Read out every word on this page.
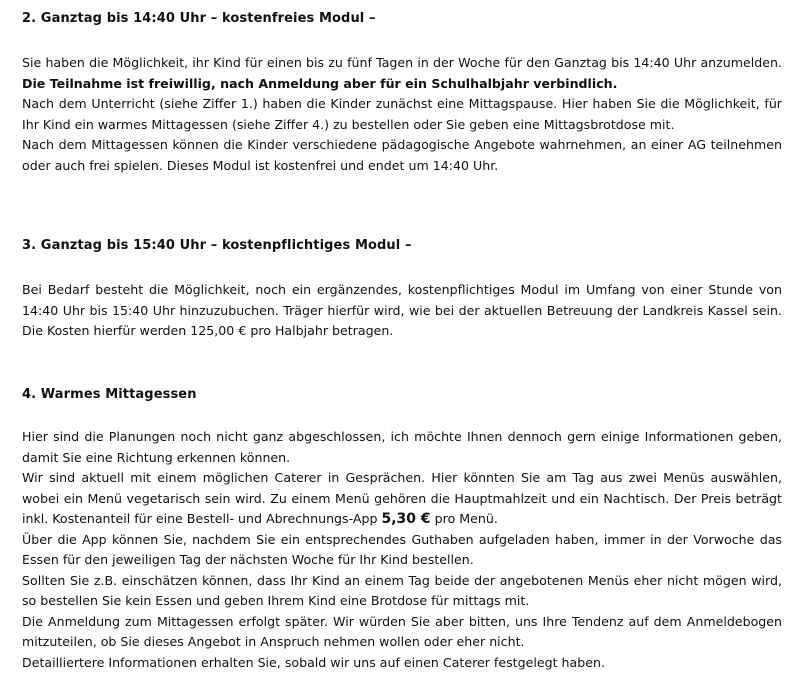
2. Ganztag bis 14:40 Uhr – kostenfreies Modul –

Sie haben die Möglichkeit, ihr Kind für einen bis zu fünf Tagen in der Woche für den Ganztag bis 14:40 Uhr anzumelden. Die Teilnahme ist freiwillig, nach Anmeldung aber für ein Schulhalbjahr verbindlich.

Nach dem Unterricht (siehe Ziffer 1.) haben die Kinder zunächst eine Mittagspause. Hier haben Sie die Möglichkeit, für Ihr Kind ein warmes Mittagessen (siehe Ziffer 4.) zu bestellen oder Sie geben eine Mittagsbrotdose mit.

Nach dem Mittagessen können die Kinder verschiedene pädagogische Angebote wahrnehmen, an einer AG teilnehmen oder auch frei spielen. Dieses Modul ist kostenfrei und endet um 14:40 Uhr.

3. Ganztag bis 15:40 Uhr – kostenpflichtiges Modul –

Bei Bedarf besteht die Möglichkeit, noch ein ergänzendes, kostenpflichtiges Modul im Umfang von einer Stunde von 14:40 Uhr bis 15:40 Uhr hinzuzubuchen. Träger hierfür wird, wie bei der aktuellen Betreuung der Landkreis Kassel sein. Die Kosten hierfür werden 125,00 € pro Halbjahr betragen.

4. Warmes Mittagessen

Hier sind die Planungen noch nicht ganz abgeschlossen, ich möchte Ihnen dennoch gern einige Informationen geben, damit Sie eine Richtung erkennen können.

Wir sind aktuell mit einem möglichen Caterer in Gesprächen. Hier könnten Sie am Tag aus zwei Menüs auswählen, wobei ein Menü vegetarisch sein wird. Zu einem Menü gehören die Hauptmahlzeit und ein Nachtisch. Der Preis beträgt inkl. Kostenanteil für eine Bestell- und Abrechnungs-App 5,30 € pro Menü.

Über die App können Sie, nachdem Sie ein entsprechendes Guthaben aufgeladen haben, immer in der Vorwoche das Essen für den jeweiligen Tag der nächsten Woche für Ihr Kind bestellen.

Sollten Sie z.B. einschätzen können, dass Ihr Kind an einem Tag beide der angebotenen Menüs eher nicht mögen wird, so bestellen Sie kein Essen und geben Ihrem Kind eine Brotdose für mittags mit.

Die Anmeldung zum Mittagessen erfolgt später. Wir würden Sie aber bitten, uns Ihre Tendenz auf dem Anmeldebogen mitzuteilen, ob Sie dieses Angebot in Anspruch nehmen wollen oder eher nicht.

Detailliertere Informationen erhalten Sie, sobald wir uns auf einen Caterer festgelegt haben.
